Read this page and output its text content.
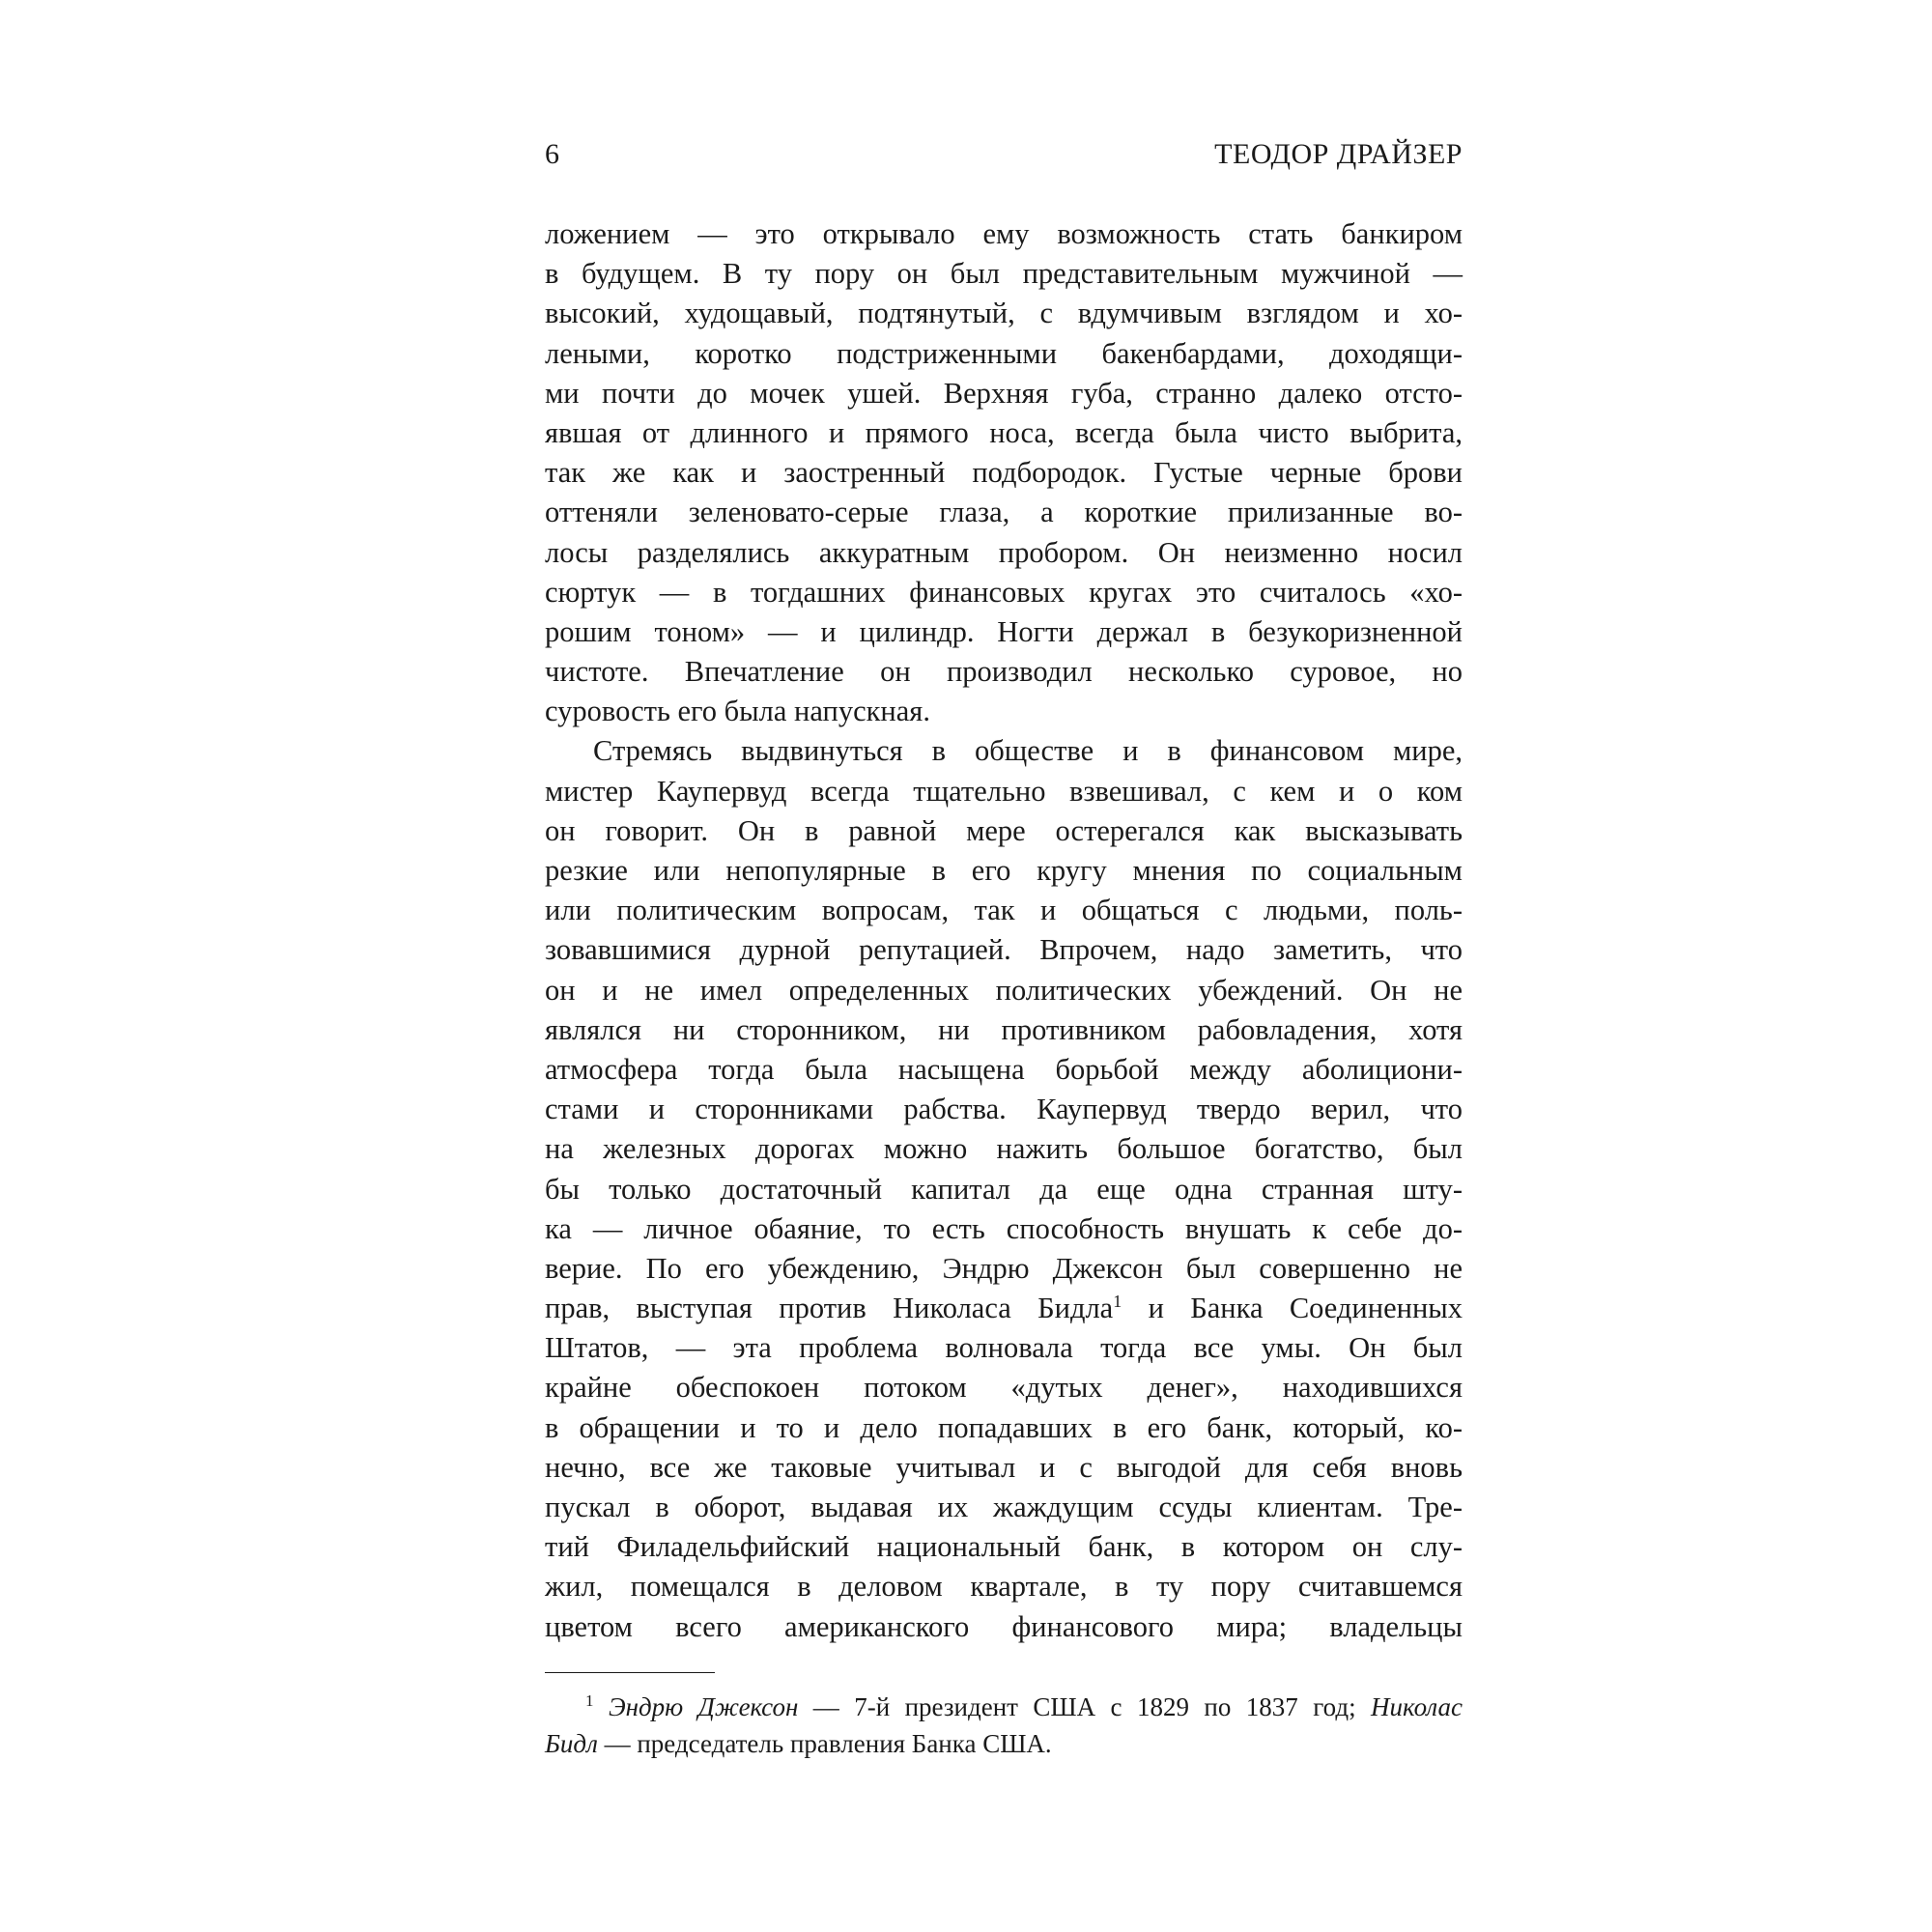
6	ТЕОДОР ДРАЙЗЕР
ложением — это открывало ему возможность стать банкиром
в будущем. В ту пору он был представительным мужчиной —
высокий, худощавый, подтянутый, с вдумчивым взглядом и хо-
леными, коротко подстриженными бакенбардами, доходящи-
ми почти до мочек ушей. Верхняя губа, странно далеко отсто-
явшая от длинного и прямого носа, всегда была чисто выбрита,
так же как и заостренный подбородок. Густые черные брови
оттеняли зеленовато-серые глаза, а короткие прилизанные во-
лосы разделялись аккуратным пробором. Он неизменно носил
сюртук — в тогдашних финансовых кругах это считалось «хо-
рошим тоном» — и цилиндр. Ногти держал в безукоризненной
чистоте. Впечатление он производил несколько суровое, но
суровость его была напускная.
Стремясь выдвинуться в обществе и в финансовом мире,
мистер Каупервуд всегда тщательно взвешивал, с кем и о ком
он говорит. Он в равной мере остерегался как высказывать
резкие или непопулярные в его кругу мнения по социальным
или политическим вопросам, так и общаться с людьми, поль-
зовавшимися дурной репутацией. Впрочем, надо заметить, что
он и не имел определенных политических убеждений. Он не
являлся ни сторонником, ни противником рабовладения, хотя
атмосфера тогда была насыщена борьбой между аболициони-
стами и сторонниками рабства. Каупервуд твердо верил, что
на железных дорогах можно нажить большое богатство, был
бы только достаточный капитал да еще одна странная шту-
ка — личное обаяние, то есть способность внушать к себе до-
верие. По его убеждению, Эндрю Джексон был совершенно не
прав, выступая против Николаса Бидла$^1$ и Банка Соединенных
Штатов, — эта проблема волновала тогда все умы. Он был
крайне обеспокоен потоком «дутых денег», находившихся
в обращении и то и дело попадавших в его банк, который, ко-
нечно, все же таковые учитывал и с выгодой для себя вновь
пускал в оборот, выдавая их жаждущим ссуды клиентам. Тре-
тий Филадельфийский национальный банк, в котором он слу-
жил, помещался в деловом квартале, в ту пору считавшемся
цветом всего американского финансового мира; владельцы
$^1$ Эндрю Джексон — 7-й президент США с 1829 по 1837 год; Николас
Бидл — председатель правления Банка США.
